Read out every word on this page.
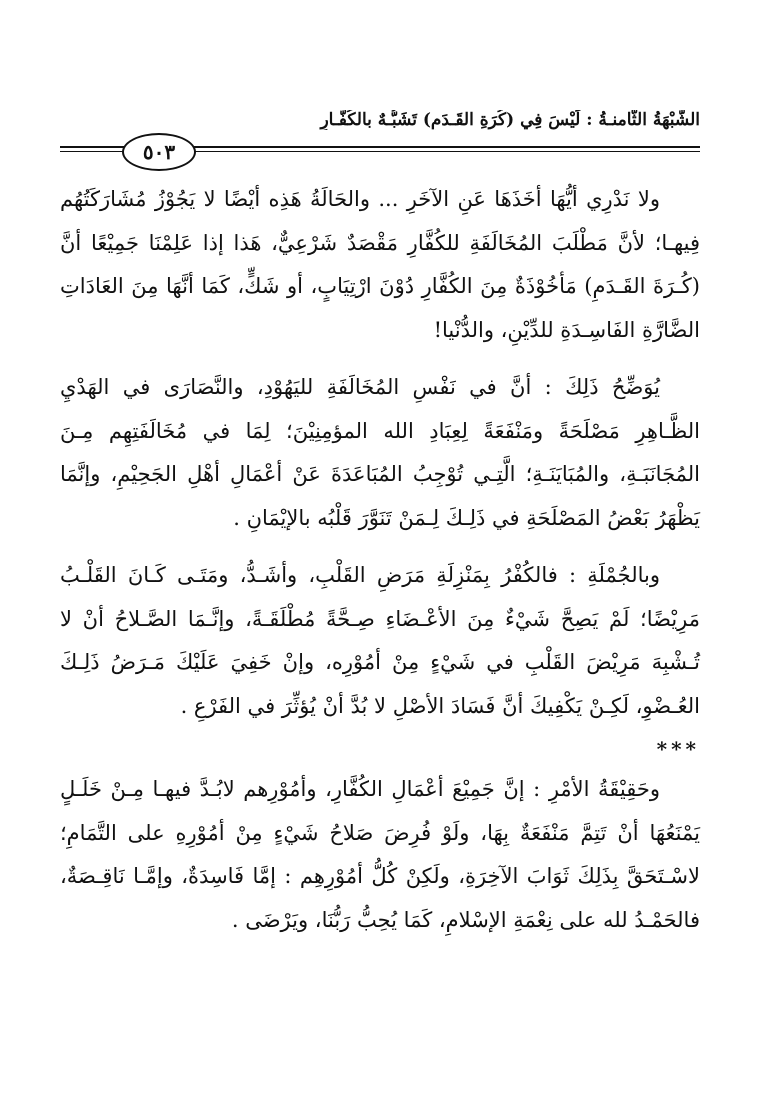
الشُّبْهَةُ الثَّامنـةُ : لَيْسَ فِي (كُرَةِ القَـدَمِ) تَشَبُّـهٌ بالكُفَّـارِ
٥٠٣

ولا نَدْرِي أيُّهَا أخَذَهَا عَنِ الآخَرِ ... والحَالَةُ هَذِه أيْضًا لا يَجُوْزُ مُشَارَكَتُهُم فِيهـا؛ لأنَّ مَطْلَبَ المُخَالَفَةِ للكُفَّارِ مَقْصَدٌ شَرْعِيٌّ، هَذا إذا عَلِمْنَا جَمِيْعًا أنَّ (كُـرَةَ القَـدَمِ) مَأخُوْذَةٌ مِنَ الكُفَّارِ دُوْنَ ارْتِيَابٍ، أو شَكٍّ، كَمَا أنَّهَا مِنَ العَادَاتِ الضَّارَّةِ الفَاسِـدَةِ للدِّيْنِ، والدُّنْيا!

يُوَضِّحُ ذَلِكَ : أنَّ في نَفْسِ المُخَالَفَةِ لليَهُوْدِ، والنَّصَارَى في الهَدْيِ الظَّـاهِرِ مَصْلَحَةً ومَنْفَعَةً لِعِبَادِ الله المؤمِنِيْنَ؛ لِمَا في مُخَالَفَتِهِم مِـنَ المُجَانَبَـةِ، والمُبَايَنَـةِ؛ الَّتِـي تُوْجِبُ المُبَاعَدَةَ عَنْ أعْمَالِ أهْلِ الجَحِيْمِ، وإنَّمَا يَظْهَرُ بَعْضُ المَصْلَحَةِ في ذَلِـكَ لِـمَنْ تَنَوَّرَ قَلْبُه بالإيْمَانِ .

وبالجُمْلَةِ : فالكُفْرُ بِمَنْزِلَةِ مَرَضِ القَلْبِ، وأشَـدُّ، ومَتَـى كَـانَ القَلْـبُ مَرِيْضًا؛ لَمْ يَصِحَّ شَيْءٌ مِنَ الأعْـضَاءِ صِـحَّةً مُطْلَقَـةً، وإنَّـمَا الصَّـلاحُ أنْ لا تُـشْبِهَ مَرِيْضَ القَلْبِ في شَيْءٍ مِنْ أمُوْرِه، وإنْ خَفِيَ عَلَيْكَ مَـرَضُ ذَلِـكَ العُـضْوِ، لَكِـنْ يَكْفِيكَ أنَّ فَسَادَ الأصْلِ لا بُدَّ أنْ يُؤثِّرَ في الفَرْعِ .

***

وحَقِيْقَةُ الأمْرِ : إنَّ جَمِيْعَ أعْمَالِ الكُفَّارِ، وأمُوْرِهم لابُـدَّ فيهـا مِـنْ خَلَـلٍ يَمْنَعُهَا أنْ تَتِمَّ مَنْفَعَةٌ بِهَا، ولَوْ فُرِضَ صَلاحُ شَيْءٍ مِنْ أمُوْرِهِ على التَّمَامِ؛ لاسْـتَحَقَّ بِذَلِكَ ثَوَابَ الآخِرَةِ، ولَكِنْ كُلُّ أمُوْرِهِم : إمَّا فَاسِدَةٌ، وإمَّـا نَاقِـصَةٌ، فالحَمْـدُ لله على نِعْمَةِ الإسْلامِ، كَمَا يُحِبُّ رَبُّنَا، ويَرْضَى .
